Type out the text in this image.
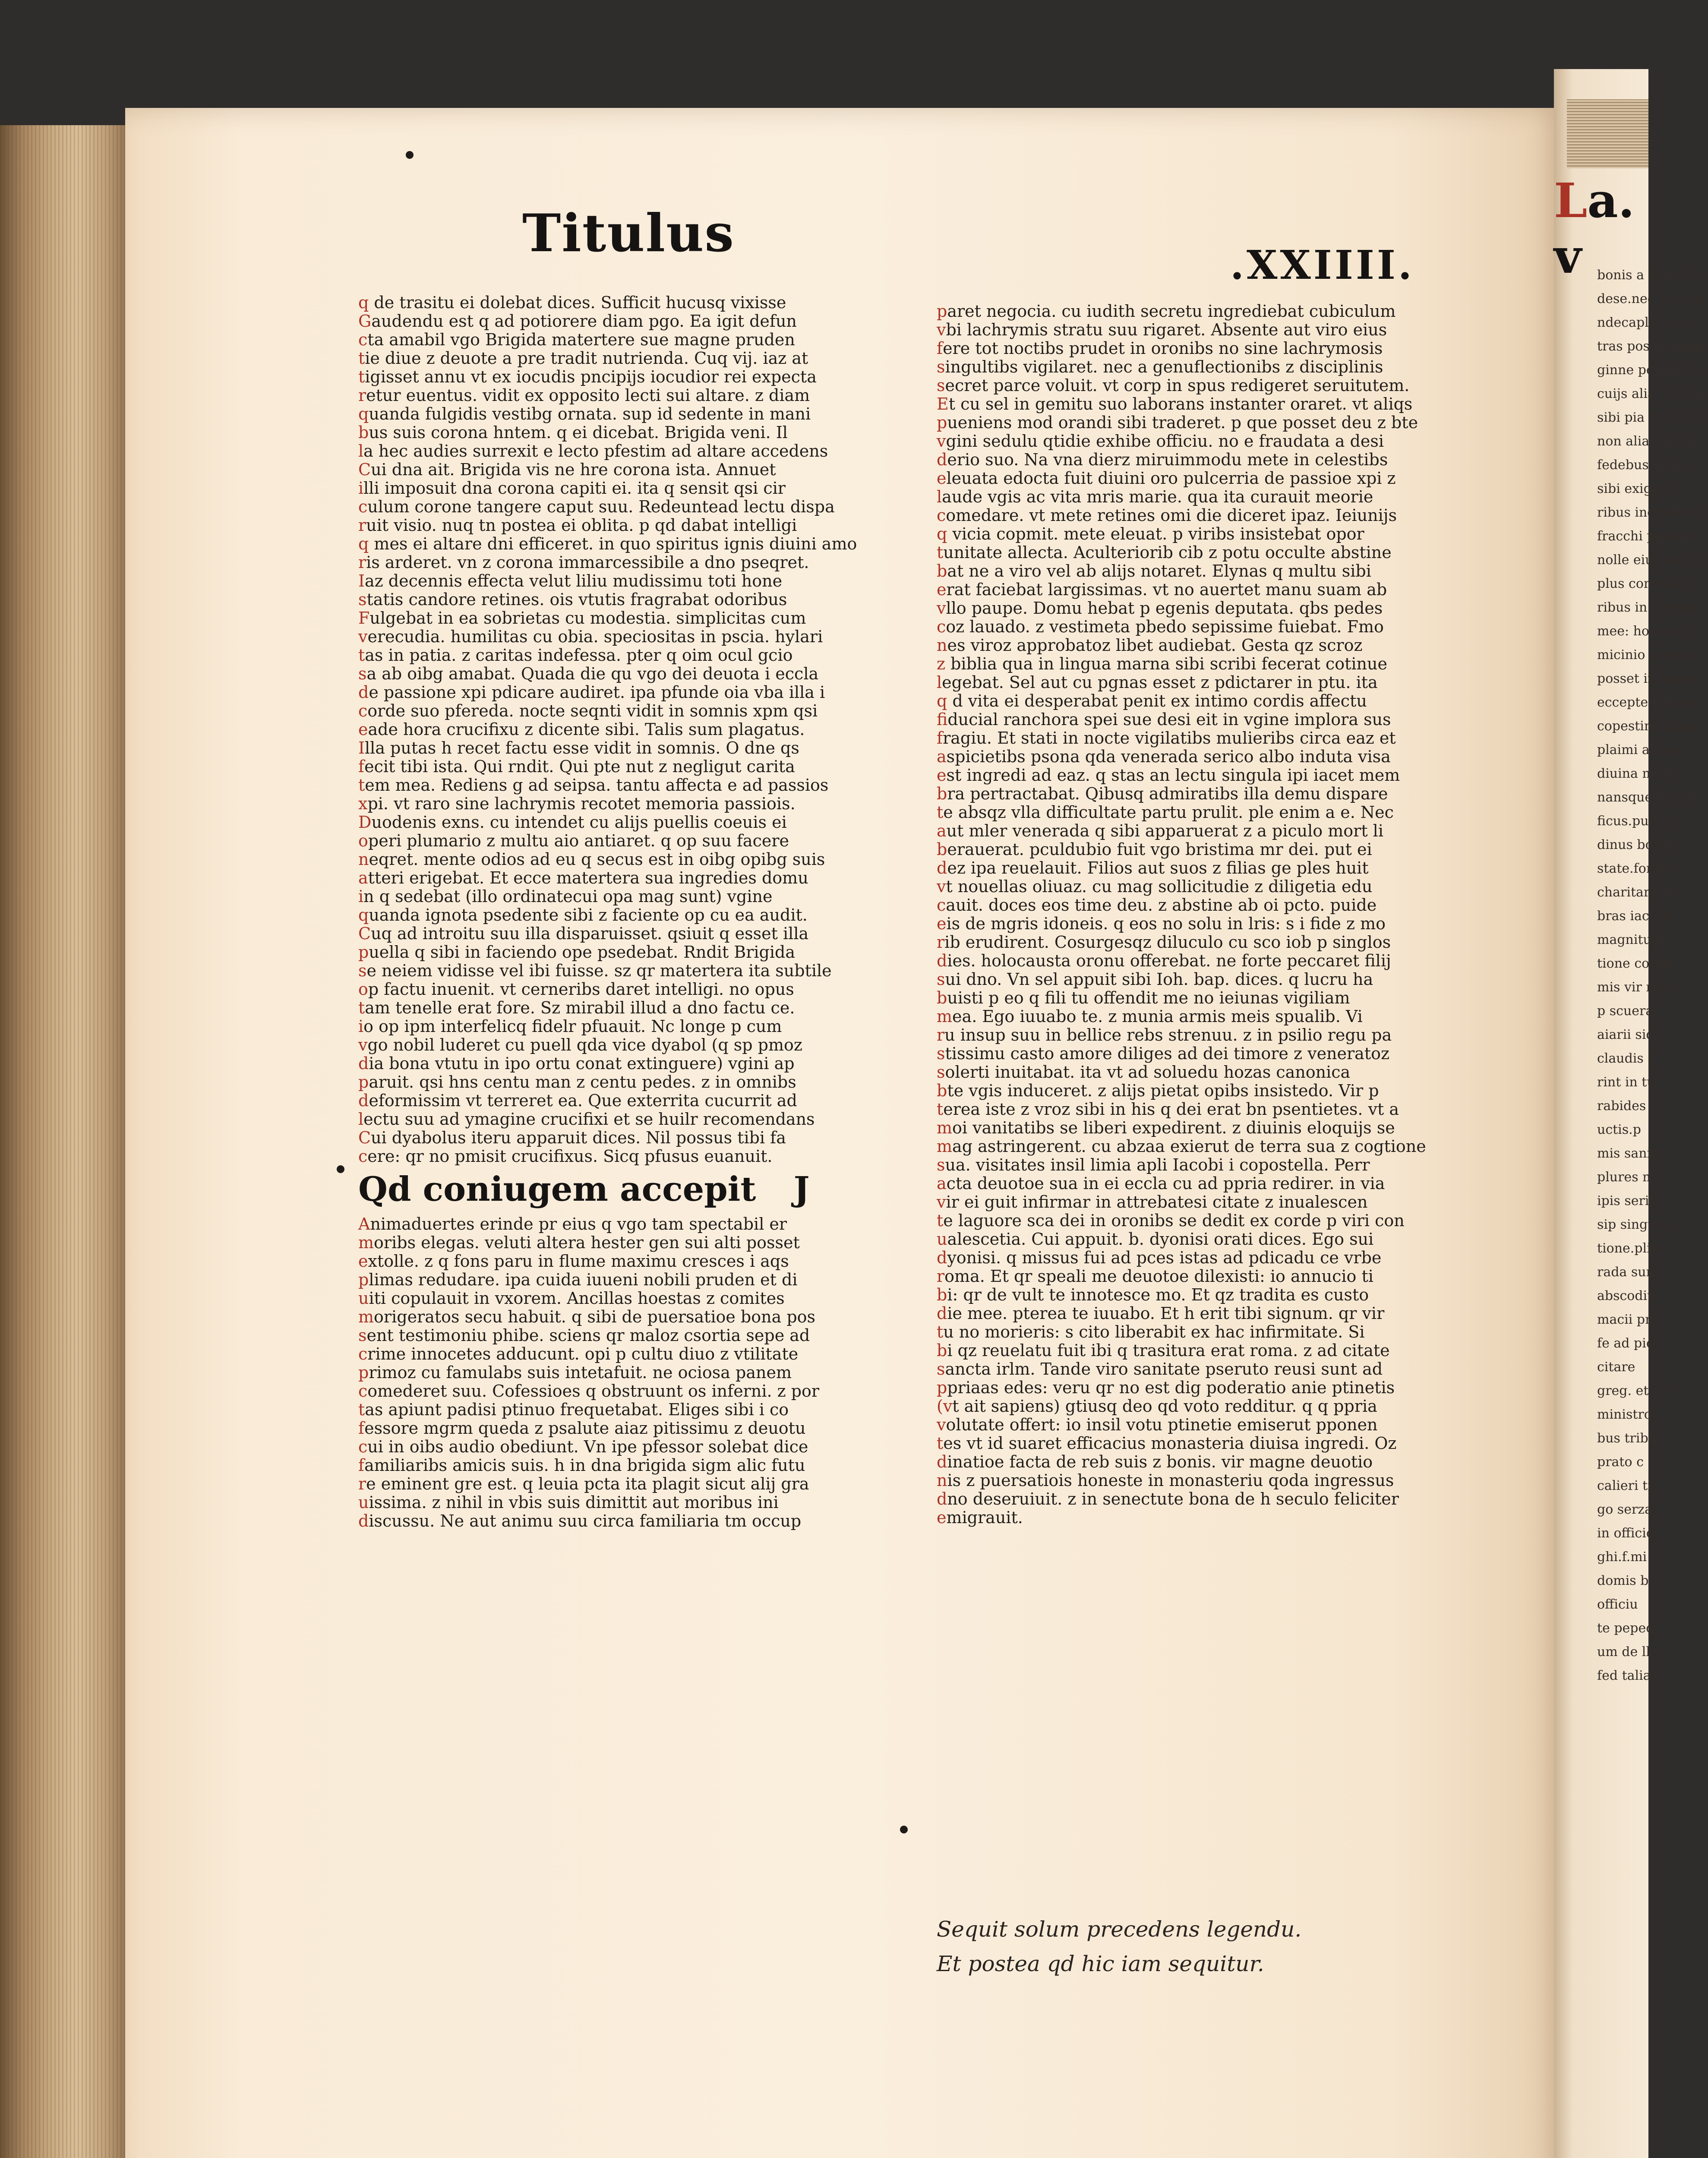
Titulus
.XXIIII.
q de trasitu ei dolebat dices. Sufficit hucusq vixisse
Gaudendu est q ad potiorere diam pgo. Ea igit defun
cta amabil vgo Brigida matertere sue magne pruden
tie diue z deuote a pre tradit nutrienda. Cuq vij. iaz at
tigisset annu vt ex iocudis pncipijs iocudior rei expecta
retur euentus. vidit ex opposito lecti sui altare. z diam
quanda fulgidis vestibg ornata. sup id sedente in mani
bus suis corona hntem. q ei dicebat. Brigida veni. Il
la hec audies surrexit e lecto pfestim ad altare accedens
Cui dna ait. Brigida vis ne hre corona ista. Annuet
illi imposuit dna corona capiti ei. ita q sensit qsi cir
culum corone tangere caput suu. Redeuntead lectu dispa
ruit visio. nuq tn postea ei oblita. p qd dabat intelligi
q mes ei altare dni efficeret. in quo spiritus ignis diuini amo
ris arderet. vn z corona immarcessibile a dno pseqret.
Iaz decennis effecta velut liliu mudissimu toti hone
statis candore retines. ois vtutis fragrabat odoribus
Fulgebat in ea sobrietas cu modestia. simplicitas cum
verecudia. humilitas cu obia. speciositas in pscia. hylari
tas in patia. z caritas indefessa. pter q oim ocul gcio
sa ab oibg amabat. Quada die qu vgo dei deuota i eccla
de passione xpi pdicare audiret. ipa pfunde oia vba illa i
corde suo pfereda. nocte seqnti vidit in somnis xpm qsi
eade hora crucifixu z dicente sibi. Talis sum plagatus.
Illa putas h recet factu esse vidit in somnis. O dne qs
fecit tibi ista. Qui rndit. Qui pte nut z negligut carita
tem mea. Rediens g ad seipsa. tantu affecta e ad passios
xpi. vt raro sine lachrymis recotet memoria passiois.
Duodenis exns. cu intendet cu alijs puellis coeuis ei
operi plumario z multu aio antiaret. q op suu facere
neqret. mente odios ad eu q secus est in oibg opibg suis
atteri erigebat. Et ecce matertera sua ingredies domu
in q sedebat (illo ordinatecui opa mag sunt) vgine
quanda ignota psedente sibi z faciente op cu ea audit.
Cuq ad introitu suu illa disparuisset. qsiuit q esset illa
puella q sibi in faciendo ope psedebat. Rndit Brigida
se neiem vidisse vel ibi fuisse. sz qr matertera ita subtile
op factu inuenit. vt cerneribs daret intelligi. no opus
tam tenelle erat fore. Sz mirabil illud a dno factu ce.
io op ipm interfelicq fidelr pfuauit. Nc longe p cum
vgo nobil luderet cu puell qda vice dyabol (q sp pmoz
dia bona vtutu in ipo ortu conat extinguere) vgini ap
paruit. qsi hns centu man z centu pedes. z in omnibs
deformissim vt terreret ea. Que exterrita cucurrit ad
lectu suu ad ymagine crucifixi et se huilr recomendans
Cui dyabolus iteru apparuit dices. Nil possus tibi fa
cere: qr no pmisit crucifixus. Sicq pfusus euanuit.
Qd coniugem accepit J
Animaduertes erinde pr eius q vgo tam spectabil er
moribs elegas. veluti altera hester gen sui alti posset
extolle. z q fons paru in flume maximu cresces i aqs
plimas redudare. ipa cuida iuueni nobili pruden et di
uiti copulauit in vxorem. Ancillas hoestas z comites
morigeratos secu habuit. q sibi de puersatioe bona pos
sent testimoniu phibe. sciens qr maloz csortia sepe ad
crime innocetes adducunt. opi p cultu diuo z vtilitate
primoz cu famulabs suis intetafuit. ne ociosa panem
comederet suu. Cofessioes q obstruunt os inferni. z por
tas apiunt padisi ptinuo frequetabat. Eliges sibi i co
fessore mgrm queda z psalute aiaz pitissimu z deuotu
cui in oibs audio obediunt. Vn ipe pfessor solebat dice
familiaribs amicis suis. h in dna brigida sigm alic futu
re eminent gre est. q leuia pcta ita plagit sicut alij gra
uissima. z nihil in vbis suis dimittit aut moribus ini
discussu. Ne aut animu suu circa familiaria tm occup
paret negocia. cu iudith secretu ingrediebat cubiculum
vbi lachrymis stratu suu rigaret. Absente aut viro eius
fere tot noctibs prudet in oronibs no sine lachrymosis
singultibs vigilaret. nec a genuflectionibs z disciplinis
secret parce voluit. vt corp in spus redigeret seruitutem.
Et cu sel in gemitu suo laborans instanter oraret. vt aliqs
pueniens mod orandi sibi traderet. p que posset deu z bte
vgini sedulu qtidie exhibe officiu. no e fraudata a desi
derio suo. Na vna dierz miruimmodu mete in celestibs
eleuata edocta fuit diuini oro pulcerria de passioe xpi z
laude vgis ac vita mris marie. qua ita curauit meorie
comedare. vt mete retines omi die diceret ipaz. Ieiunijs
q vicia copmit. mete eleuat. p viribs insistebat opor
tunitate allecta. Aculteriorib cib z potu occulte abstine
bat ne a viro vel ab alijs notaret. Elynas q multu sibi
erat faciebat largissimas. vt no auertet manu suam ab
vllo paupe. Domu hebat p egenis deputata. qbs pedes
coz lauado. z vestimeta pbedo sepissime fuiebat. Fmo
nes viroz approbatoz libet audiebat. Gesta qz scroz
z biblia qua in lingua marna sibi scribi fecerat cotinue
legebat. Sel aut cu pgnas esset z pdictarer in ptu. ita
q d vita ei desperabat penit ex intimo cordis affectu
fiducial ranchora spei sue desi eit in vgine implora sus
fragiu. Et stati in nocte vigilatibs mulieribs circa eaz et
aspicietibs psona qda venerada serico albo induta visa
est ingredi ad eaz. q stas an lectu singula ipi iacet mem
bra pertractabat. Qibusq admiratibs illa demu dispare
te absqz vlla difficultate partu prulit. ple enim a e. Nec
aut mler venerada q sibi apparuerat z a piculo mort li
berauerat. pculdubio fuit vgo bristima mr dei. put ei
dez ipa reuelauit. Filios aut suos z filias ge ples huit
vt nouellas oliuaz. cu mag sollicitudie z diligetia edu
cauit. doces eos time deu. z abstine ab oi pcto. puide
eis de mgris idoneis. q eos no solu in lris: s i fide z mo
rib erudirent. Cosurgesqz diluculo cu sco iob p singlos
dies. holocausta oronu offerebat. ne forte peccaret filij
sui dno. Vn sel appuit sibi Ioh. bap. dices. q lucru ha
buisti p eo q fili tu offendit me no ieiunas vigiliam
mea. Ego iuuabo te. z munia armis meis spualib. Vi
ru insup suu in bellice rebs strenuu. z in psilio regu pa
stissimu casto amore diliges ad dei timore z veneratoz
solerti inuitabat. ita vt ad soluedu hozas canonica
bte vgis induceret. z alijs pietat opibs insistedo. Vir p
terea iste z vroz sibi in his q dei erat bn psentietes. vt a
moi vanitatibs se liberi expedirent. z diuinis eloquijs se
mag astringerent. cu abzaa exierut de terra sua z cogtione
sua. visitates insil limia apli Iacobi i copostella. Perr
acta deuotoe sua in ei eccla cu ad ppria redirer. in via
vir ei guit infirmar in attrebatesi citate z inualescen
te laguore sca dei in oronibs se dedit ex corde p viri con
ualescetia. Cui appuit. b. dyonisi orati dices. Ego sui
dyonisi. q missus fui ad pces istas ad pdicadu ce vrbe
roma. Et qr speali me deuotoe dilexisti: io annucio ti
bi: qr de vult te innotesce mo. Et qz tradita es custo
die mee. pterea te iuuabo. Et h erit tibi signum. qr vir
tu no morieris: s cito liberabit ex hac infirmitate. Si
bi qz reuelatu fuit ibi q trasitura erat roma. z ad citate
sancta irlm. Tande viro sanitate pseruto reusi sunt ad
ppriaas edes: veru qr no est dig poderatio anie ptinetis
(vt ait sapiens) gtiusq deo qd voto redditur. q q ppria
volutate offert: io insil votu ptinetie emiserut pponen
tes vt id suaret efficacius monasteria diuisa ingredi. Oz
dinatioe facta de reb suis z bonis. vir magne deuotio
nis z puersatiois honeste in monasteriu qoda ingressus
dno deseruiuit. z in senectute bona de h seculo feliciter
emigrauit.
Sequit solum precedens legendu.
Et postea qd hic iam sequitur.
La. v	bonis a deo sibi
dese.nec in suis
ndecapla sui p
tras possessione
ginne pendebat
cuijs alia oprima
sibi pia liberalita
non alias dignu
fedebus sinos
sibi exigebis
ribus incredibili
fracchi possunt
nolle eius ad soli
plus comissio
ribus in signem
mee: honestas
micinio arcebo
posset in antea
eccepte necnos
copestim atque
plaimi atque
diuina miser
nansque vir ror
ficus.pudici
dinus bonita
state.fonbi
charitare ar
bras iactan
magnitudi
tione corpe
mis vir rop
p scuerar
aiarii side
claudis g
rint in tu
rabides
uctis.p
mis sanita
plures mo
ipis serim
sip singula
tione.plim
rada sunt
abscodita
macii pro
fe ad pie
citare
greg. et cir
ministro
bus tribul
prato c
calieri tm
go serza
in officio
ghi.f.mi
domis b
officiu
te pepeo
um de ll
fed talia
